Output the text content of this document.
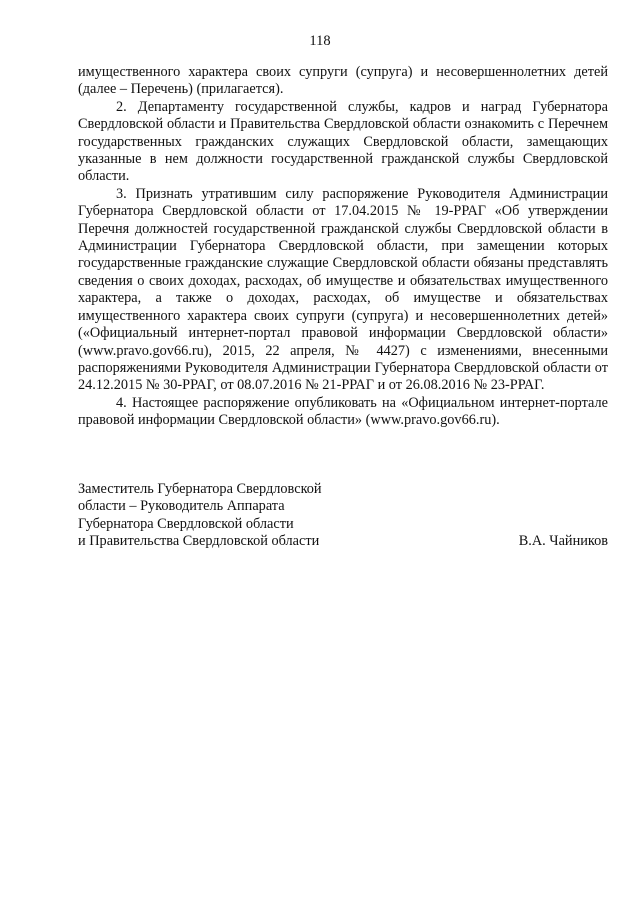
118

имущественного характера своих супруги (супруга) и несовершеннолетних детей (далее – Перечень) (прилагается).

2. Департаменту государственной службы, кадров и наград Губернатора Свердловской области и Правительства Свердловской области ознакомить с Перечнем государственных гражданских служащих Свердловской области, замещающих указанные в нем должности государственной гражданской службы Свердловской области.

3. Признать утратившим силу распоряжение Руководителя Администрации Губернатора Свердловской области от 17.04.2015 № 19-РРАГ «Об утверждении Перечня должностей государственной гражданской службы Свердловской области в Администрации Губернатора Свердловской области, при замещении которых государственные гражданские служащие Свердловской области обязаны представлять сведения о своих доходах, расходах, об имуществе и обязательствах имущественного характера, а также о доходах, расходах, об имуществе и обязательствах имущественного характера своих супруги (супруга) и несовершеннолетних детей» («Официальный интернет-портал правовой информации Свердловской области» (www.pravo.gov66.ru), 2015, 22 апреля, № 4427) с изменениями, внесенными распоряжениями Руководителя Администрации Губернатора Свердловской области от 24.12.2015 № 30-РРАГ, от 08.07.2016 № 21-РРАГ и от 26.08.2016 № 23-РРАГ.

4. Настоящее распоряжение опубликовать на «Официальном интернет-портале правовой информации Свердловской области» (www.pravo.gov66.ru).

Заместитель Губернатора Свердловской
области – Руководитель Аппарата
Губернатора Свердловской области
и Правительства Свердловской области	В.А. Чайников
